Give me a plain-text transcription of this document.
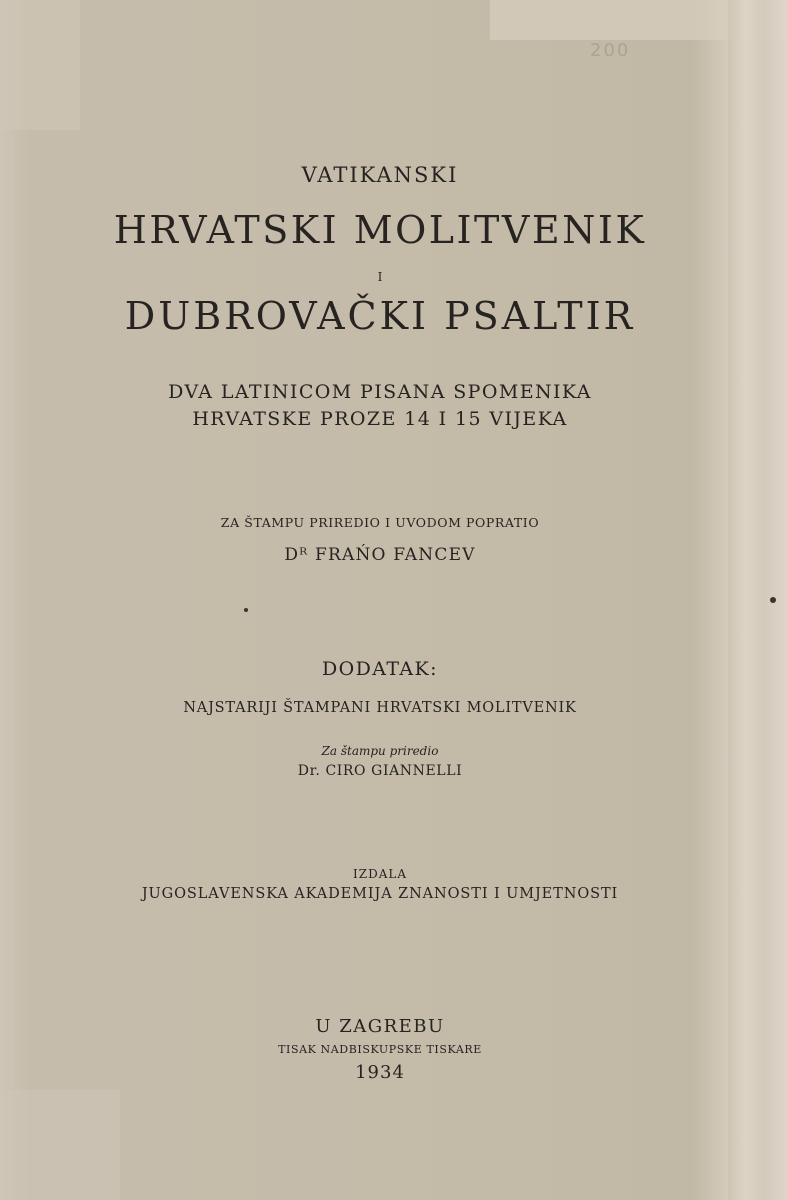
200
VATIKANSKI
HRVATSKI MOLITVENIK
I
DUBROVAČKI PSALTIR
DVA LATINICOM PISANA SPOMENIKA
HRVATSKE PROZE 14 I 15 VIJEKA
ZA ŠTAMPU PRIREDIO I UVODOM POPRATIO
Dᴿ FRAŃO FANCEV
DODATAK:
NAJSTARIJI ŠTAMPANI HRVATSKI MOLITVENIK
Za štampu priredio
Dr. CIRO GIANNELLI
IZDALA
JUGOSLAVENSKA AKADEMIJA ZNANOSTI I UMJETNOSTI
U ZAGREBU
TISAK NADBISKUPSKE TISKARE
1934
